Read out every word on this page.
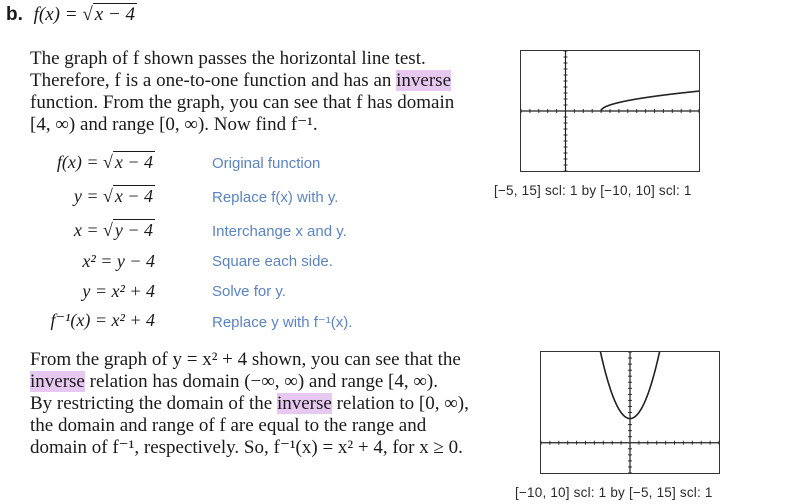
b. f(x) = √ x − 4
The graph of f shown passes the horizontal line test.
Therefore, f is a one-to-one function and has an inverse
function. From the graph, you can see that f has domain
[4, ∞) and range [0, ∞). Now find f⁻¹.
f(x) = √ x − 4	Original function
y = √ x − 4	Replace f(x) with y.
x = √ y − 4	Interchange x and y.
x² = y − 4	Square each side.
y = x² + 4	Solve for y.
f⁻¹(x) = x² + 4	Replace y with f⁻¹(x).
From the graph of y = x² + 4 shown, you can see that the
inverse relation has domain (−∞, ∞) and range [4, ∞).
By restricting the domain of the inverse relation to [0, ∞),
the domain and range of f are equal to the range and
domain of f⁻¹, respectively. So, f⁻¹(x) = x² + 4, for x ≥ 0.
[−5, 15] scl: 1 by [−10, 10] scl: 1
[−10, 10] scl: 1 by [−5, 15] scl: 1
